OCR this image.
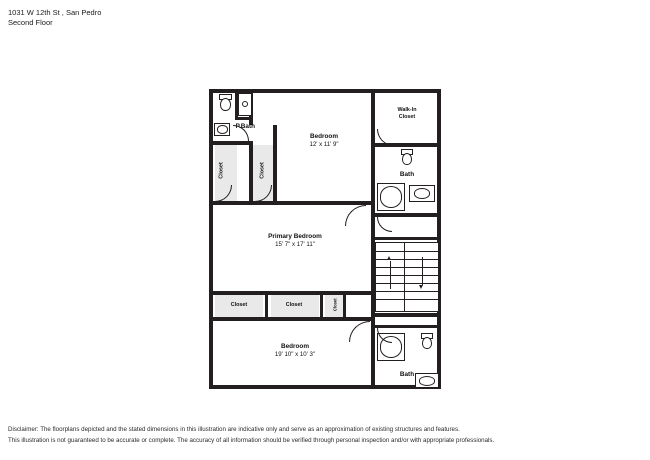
1031 W 12th St , San Pedro
Second Floor
Bedroom
12' x 11' 9"
Walk-In
Closet
P.Bath
Bath
Closet	Closet
Primary Bedroom
15' 7" x 17' 11"
Closet	Closet	Closet
Bedroom
19' 10" x 10' 3"
Bath
Disclaimer: The floorplans depicted and the stated dimensions in this illustration are indicative only and serve as an approximation of existing structures and features.
This illustration is not guaranteed to be accurate or complete. The accuracy of all information should be verified through personal inspection and/or with appropriate professionals.
